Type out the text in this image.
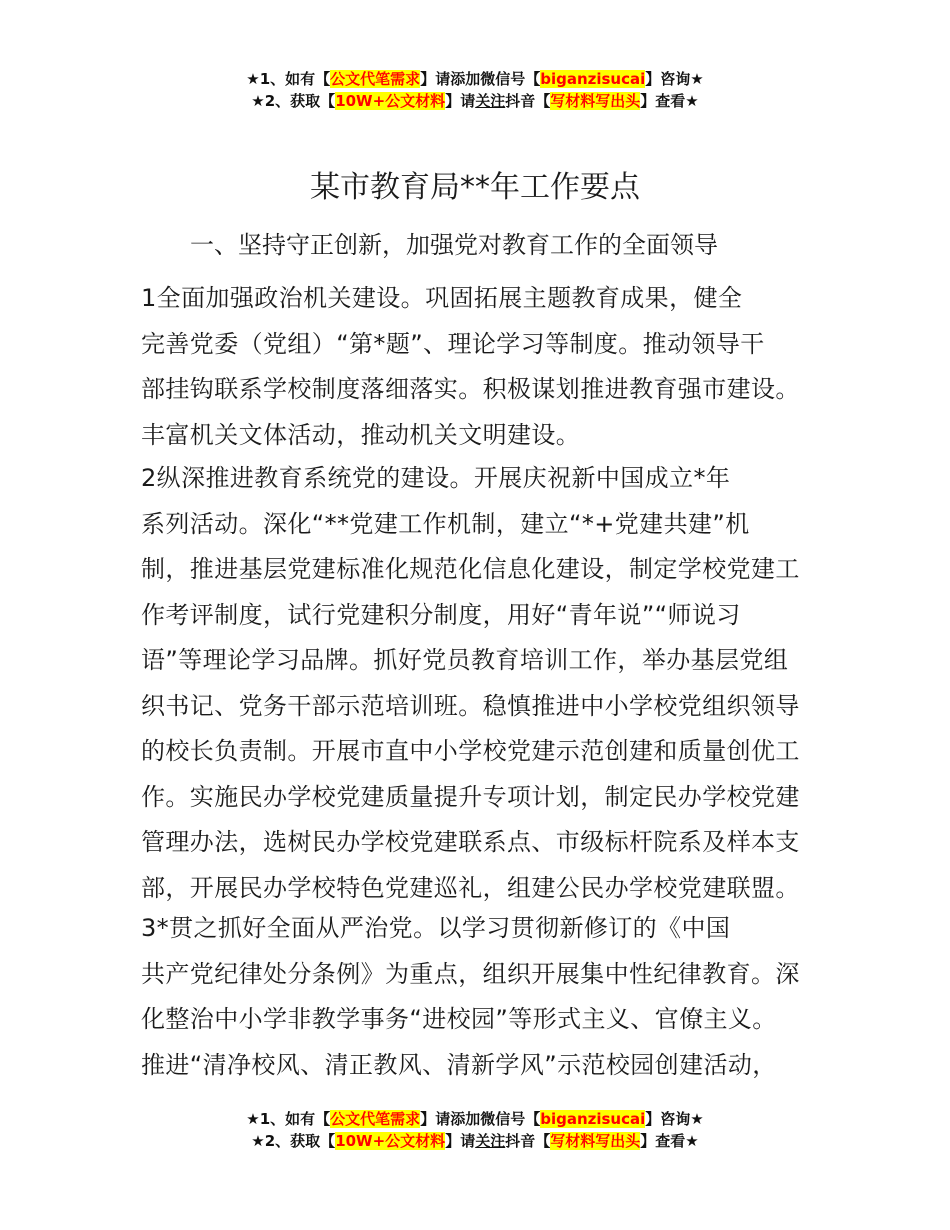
★1、如有【公文代笔需求】请添加微信号【biganzisucai】咨询★
★2、获取【10W+公文材料】请关注抖音【写材料写出头】查看★
某市教育局**年工作要点
一、坚持守正创新，加强党对教育工作的全面领导
1全面加强政治机关建设。巩固拓展主题教育成果，健全
完善党委（党组）“第*题”、理论学习等制度。推动领导干
部挂钩联系学校制度落细落实。积极谋划推进教育强市建设。
丰富机关文体活动，推动机关文明建设。
2纵深推进教育系统党的建设。开展庆祝新中国成立*年
系列活动。深化“**党建工作机制，建立“*+党建共建”机
制，推进基层党建标准化规范化信息化建设，制定学校党建工
作考评制度，试行党建积分制度，用好“青年说”“师说习
语”等理论学习品牌。抓好党员教育培训工作，举办基层党组
织书记、党务干部示范培训班。稳慎推进中小学校党组织领导
的校长负责制。开展市直中小学校党建示范创建和质量创优工
作。实施民办学校党建质量提升专项计划，制定民办学校党建
管理办法，选树民办学校党建联系点、市级标杆院系及样本支
部，开展民办学校特色党建巡礼，组建公民办学校党建联盟。
3*贯之抓好全面从严治党。以学习贯彻新修订的《中国
共产党纪律处分条例》为重点，组织开展集中性纪律教育。深
化整治中小学非教学事务“进校园”等形式主义、官僚主义。
推进“清净校风、清正教风、清新学风”示范校园创建活动，
★1、如有【公文代笔需求】请添加微信号【biganzisucai】咨询★
★2、获取【10W+公文材料】请关注抖音【写材料写出头】查看★
